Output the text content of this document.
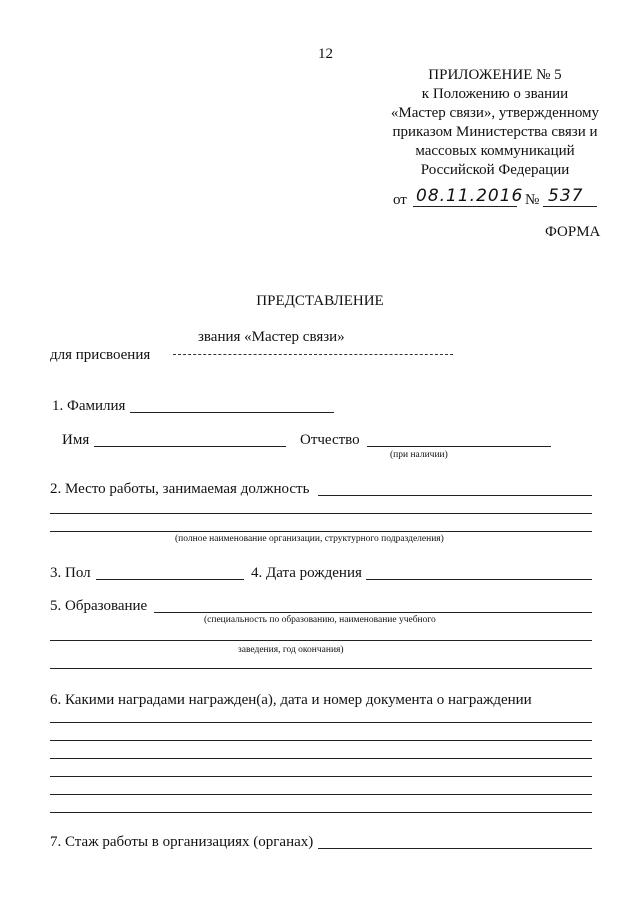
12

ПРИЛОЖЕНИЕ № 5

к Положению о звании

«Мастер связи», утвержденному

приказом Министерства связи и

массовых коммуникаций

Российской Федерации

от 08.11.2016 № 537
ФОРМА
ПРЕДСТАВЛЕНИЕ
звания «Мастер связи»
для присвоения
1. Фамилия
Имя	Отчество
(при наличии)
2. Место работы, занимаемая должность
(полное наименование организации, структурного подразделения)
3. Пол	4. Дата рождения
5. Образование
(специальность по образованию, наименование учебного
заведения, год окончания)
6. Какими наградами награжден(а), дата и номер документа о награждении
7. Стаж работы в организациях (органах)
